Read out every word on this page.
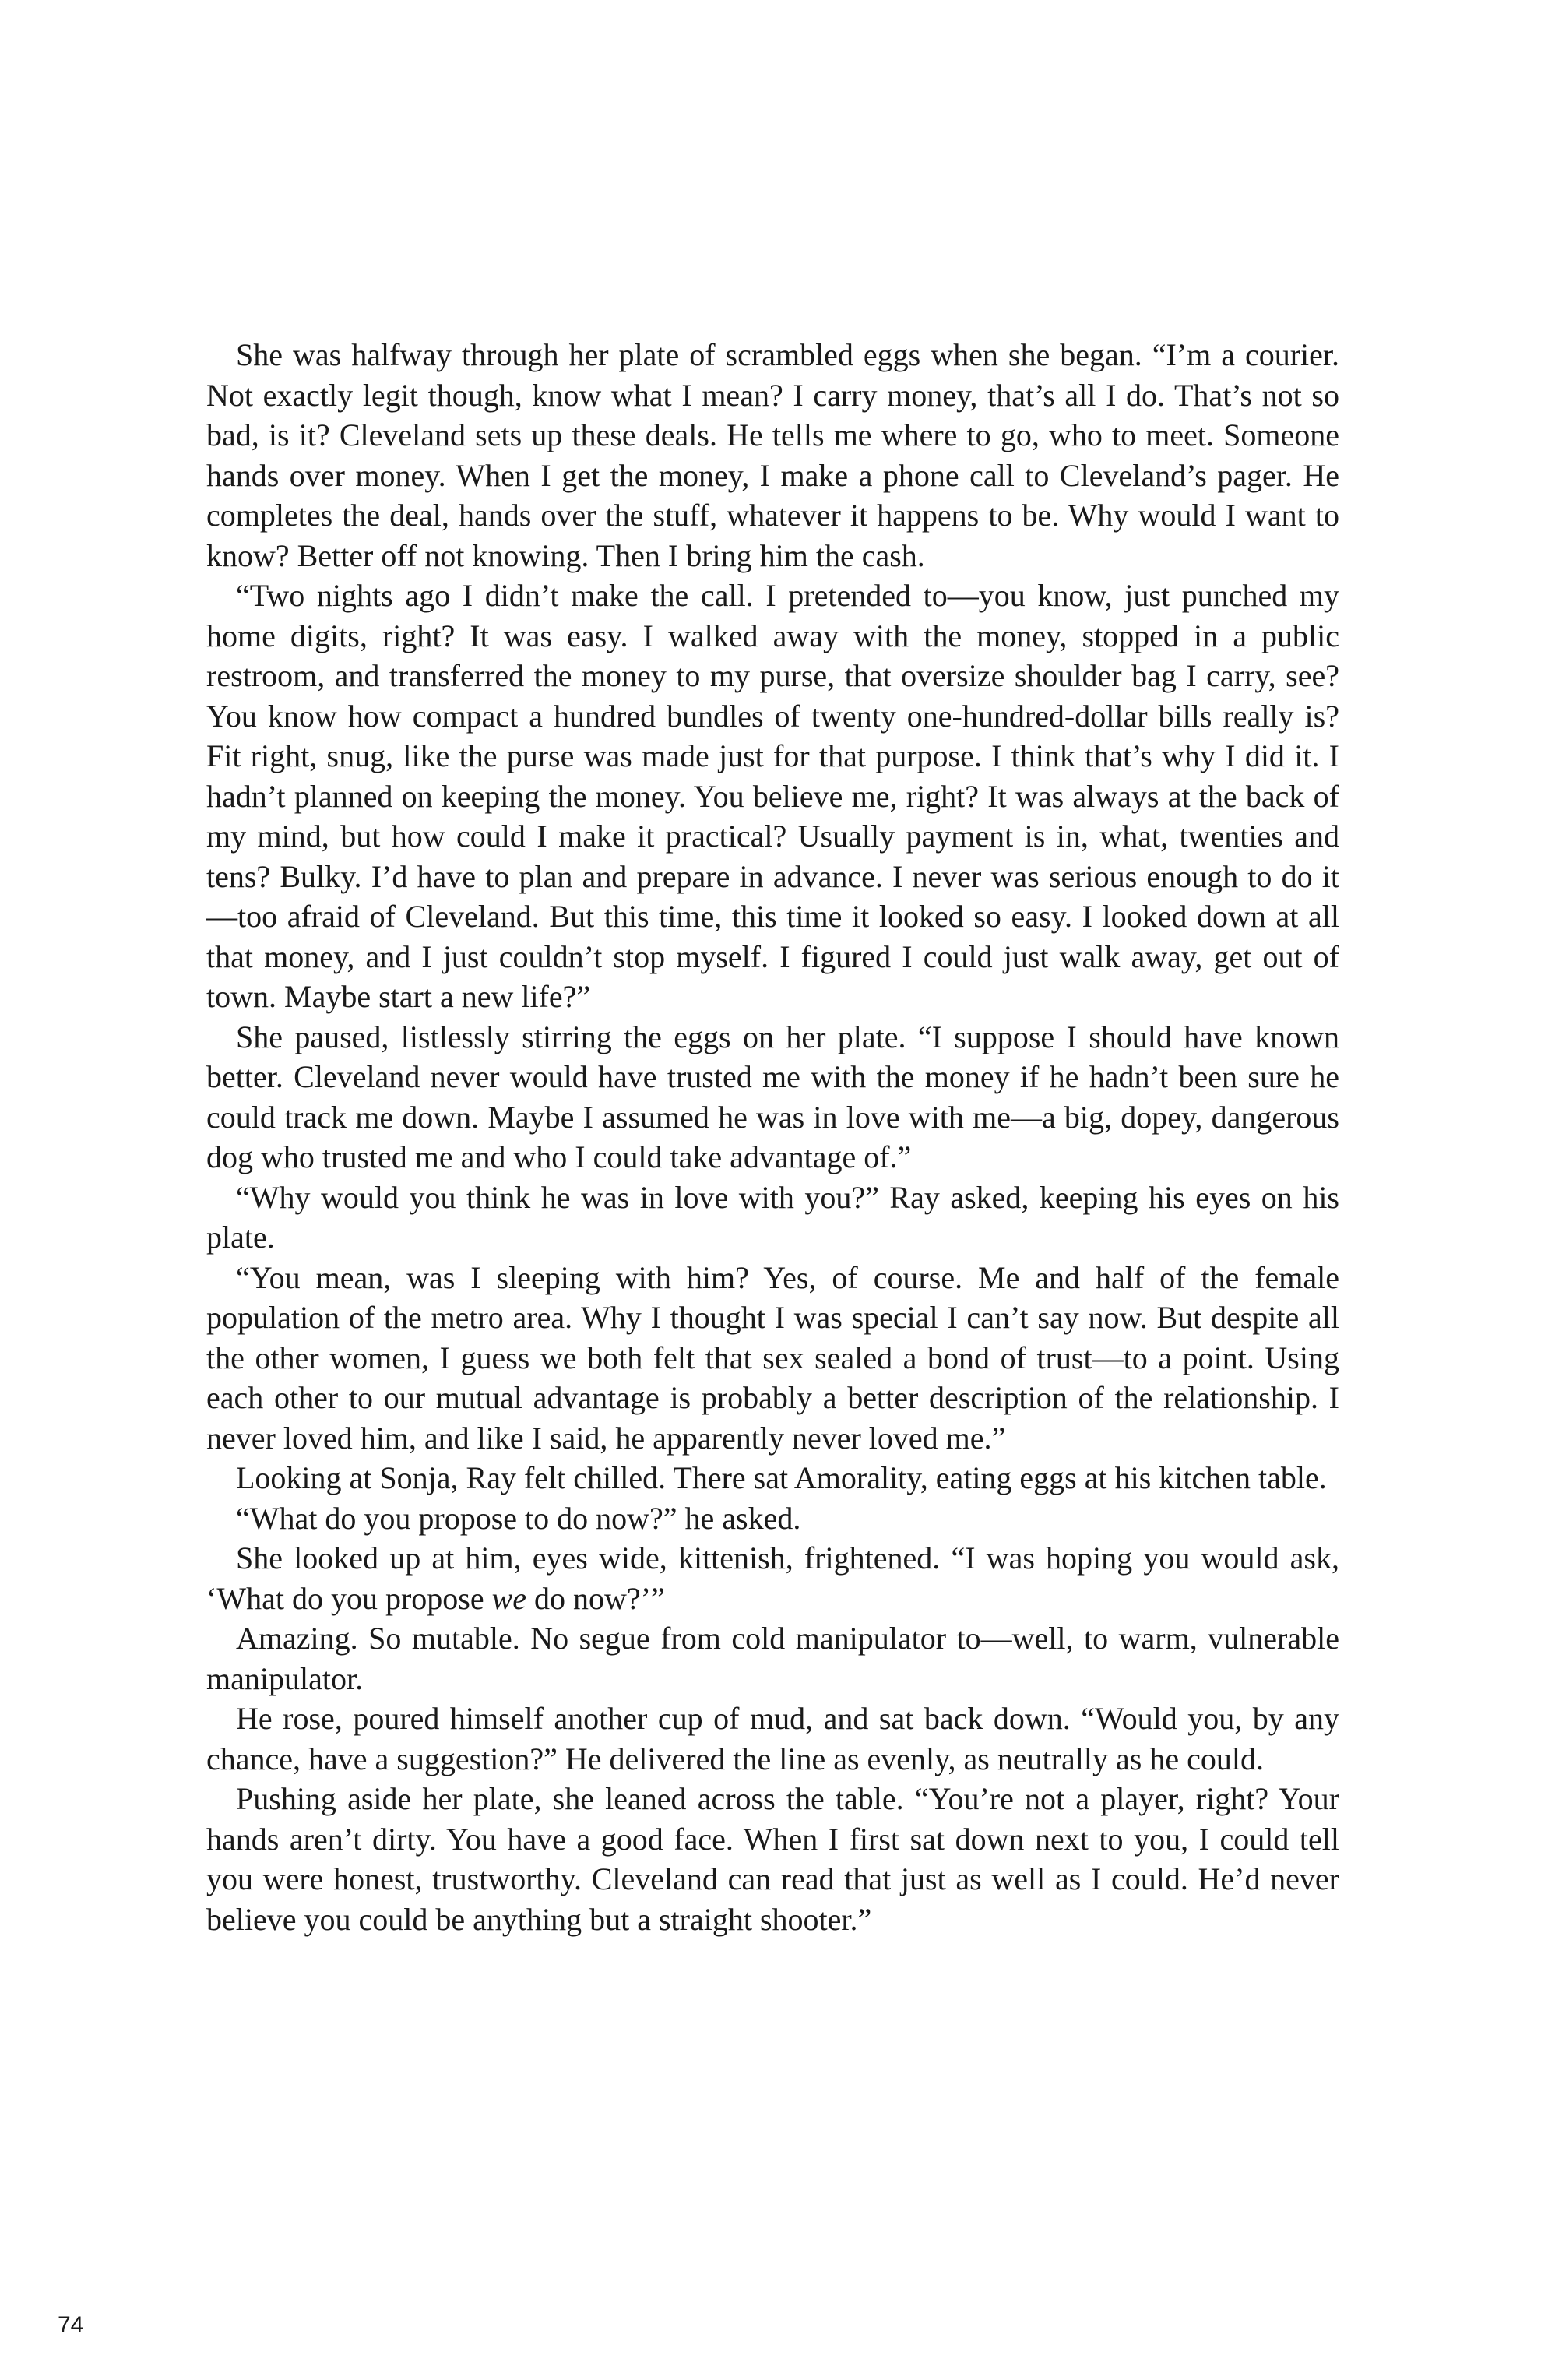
She was halfway through her plate of scrambled eggs when she began. “I’m a courier. Not exactly legit though, know what I mean? I carry money, that’s all I do. That’s not so bad, is it? Cleveland sets up these deals. He tells me where to go, who to meet. Someone hands over money. When I get the money, I make a phone call to Cleveland’s pager. He completes the deal, hands over the stuff, whatever it happens to be. Why would I want to know? Better off not knowing. Then I bring him the cash.

“Two nights ago I didn’t make the call. I pretended to—you know, just punched my home digits, right? It was easy. I walked away with the money, stopped in a public restroom, and transferred the money to my purse, that oversize shoulder bag I carry, see? You know how compact a hundred bundles of twenty one-hundred-dollar bills really is? Fit right, snug, like the purse was made just for that purpose. I think that’s why I did it. I hadn’t planned on keeping the money. You believe me, right? It was always at the back of my mind, but how could I make it practical? Usually payment is in, what, twenties and tens? Bulky. I’d have to plan and prepare in advance. I never was serious enough to do it—too afraid of Cleveland. But this time, this time it looked so easy. I looked down at all that money, and I just couldn’t stop myself. I figured I could just walk away, get out of town. Maybe start a new life?”

She paused, listlessly stirring the eggs on her plate. “I suppose I should have known better. Cleveland never would have trusted me with the money if he hadn’t been sure he could track me down. Maybe I assumed he was in love with me—a big, dopey, dangerous dog who trusted me and who I could take advantage of.”

“Why would you think he was in love with you?” Ray asked, keeping his eyes on his plate.

“You mean, was I sleeping with him? Yes, of course. Me and half of the female population of the metro area. Why I thought I was special I can’t say now. But despite all the other women, I guess we both felt that sex sealed a bond of trust—to a point. Using each other to our mutual advantage is probably a better description of the relationship. I never loved him, and like I said, he apparently never loved me.”

Looking at Sonja, Ray felt chilled. There sat Amorality, eating eggs at his kitchen table.

“What do you propose to do now?” he asked.

She looked up at him, eyes wide, kittenish, frightened. “I was hoping you would ask, ‘What do you propose we do now?’”

Amazing. So mutable. No segue from cold manipulator to—well, to warm, vulnerable manipulator.

He rose, poured himself another cup of mud, and sat back down. “Would you, by any chance, have a suggestion?” He delivered the line as evenly, as neutrally as he could.

Pushing aside her plate, she leaned across the table. “You’re not a player, right? Your hands aren’t dirty. You have a good face. When I first sat down next to you, I could tell you were honest, trustworthy. Cleveland can read that just as well as I could. He’d never believe you could be anything but a straight shooter.”

74
